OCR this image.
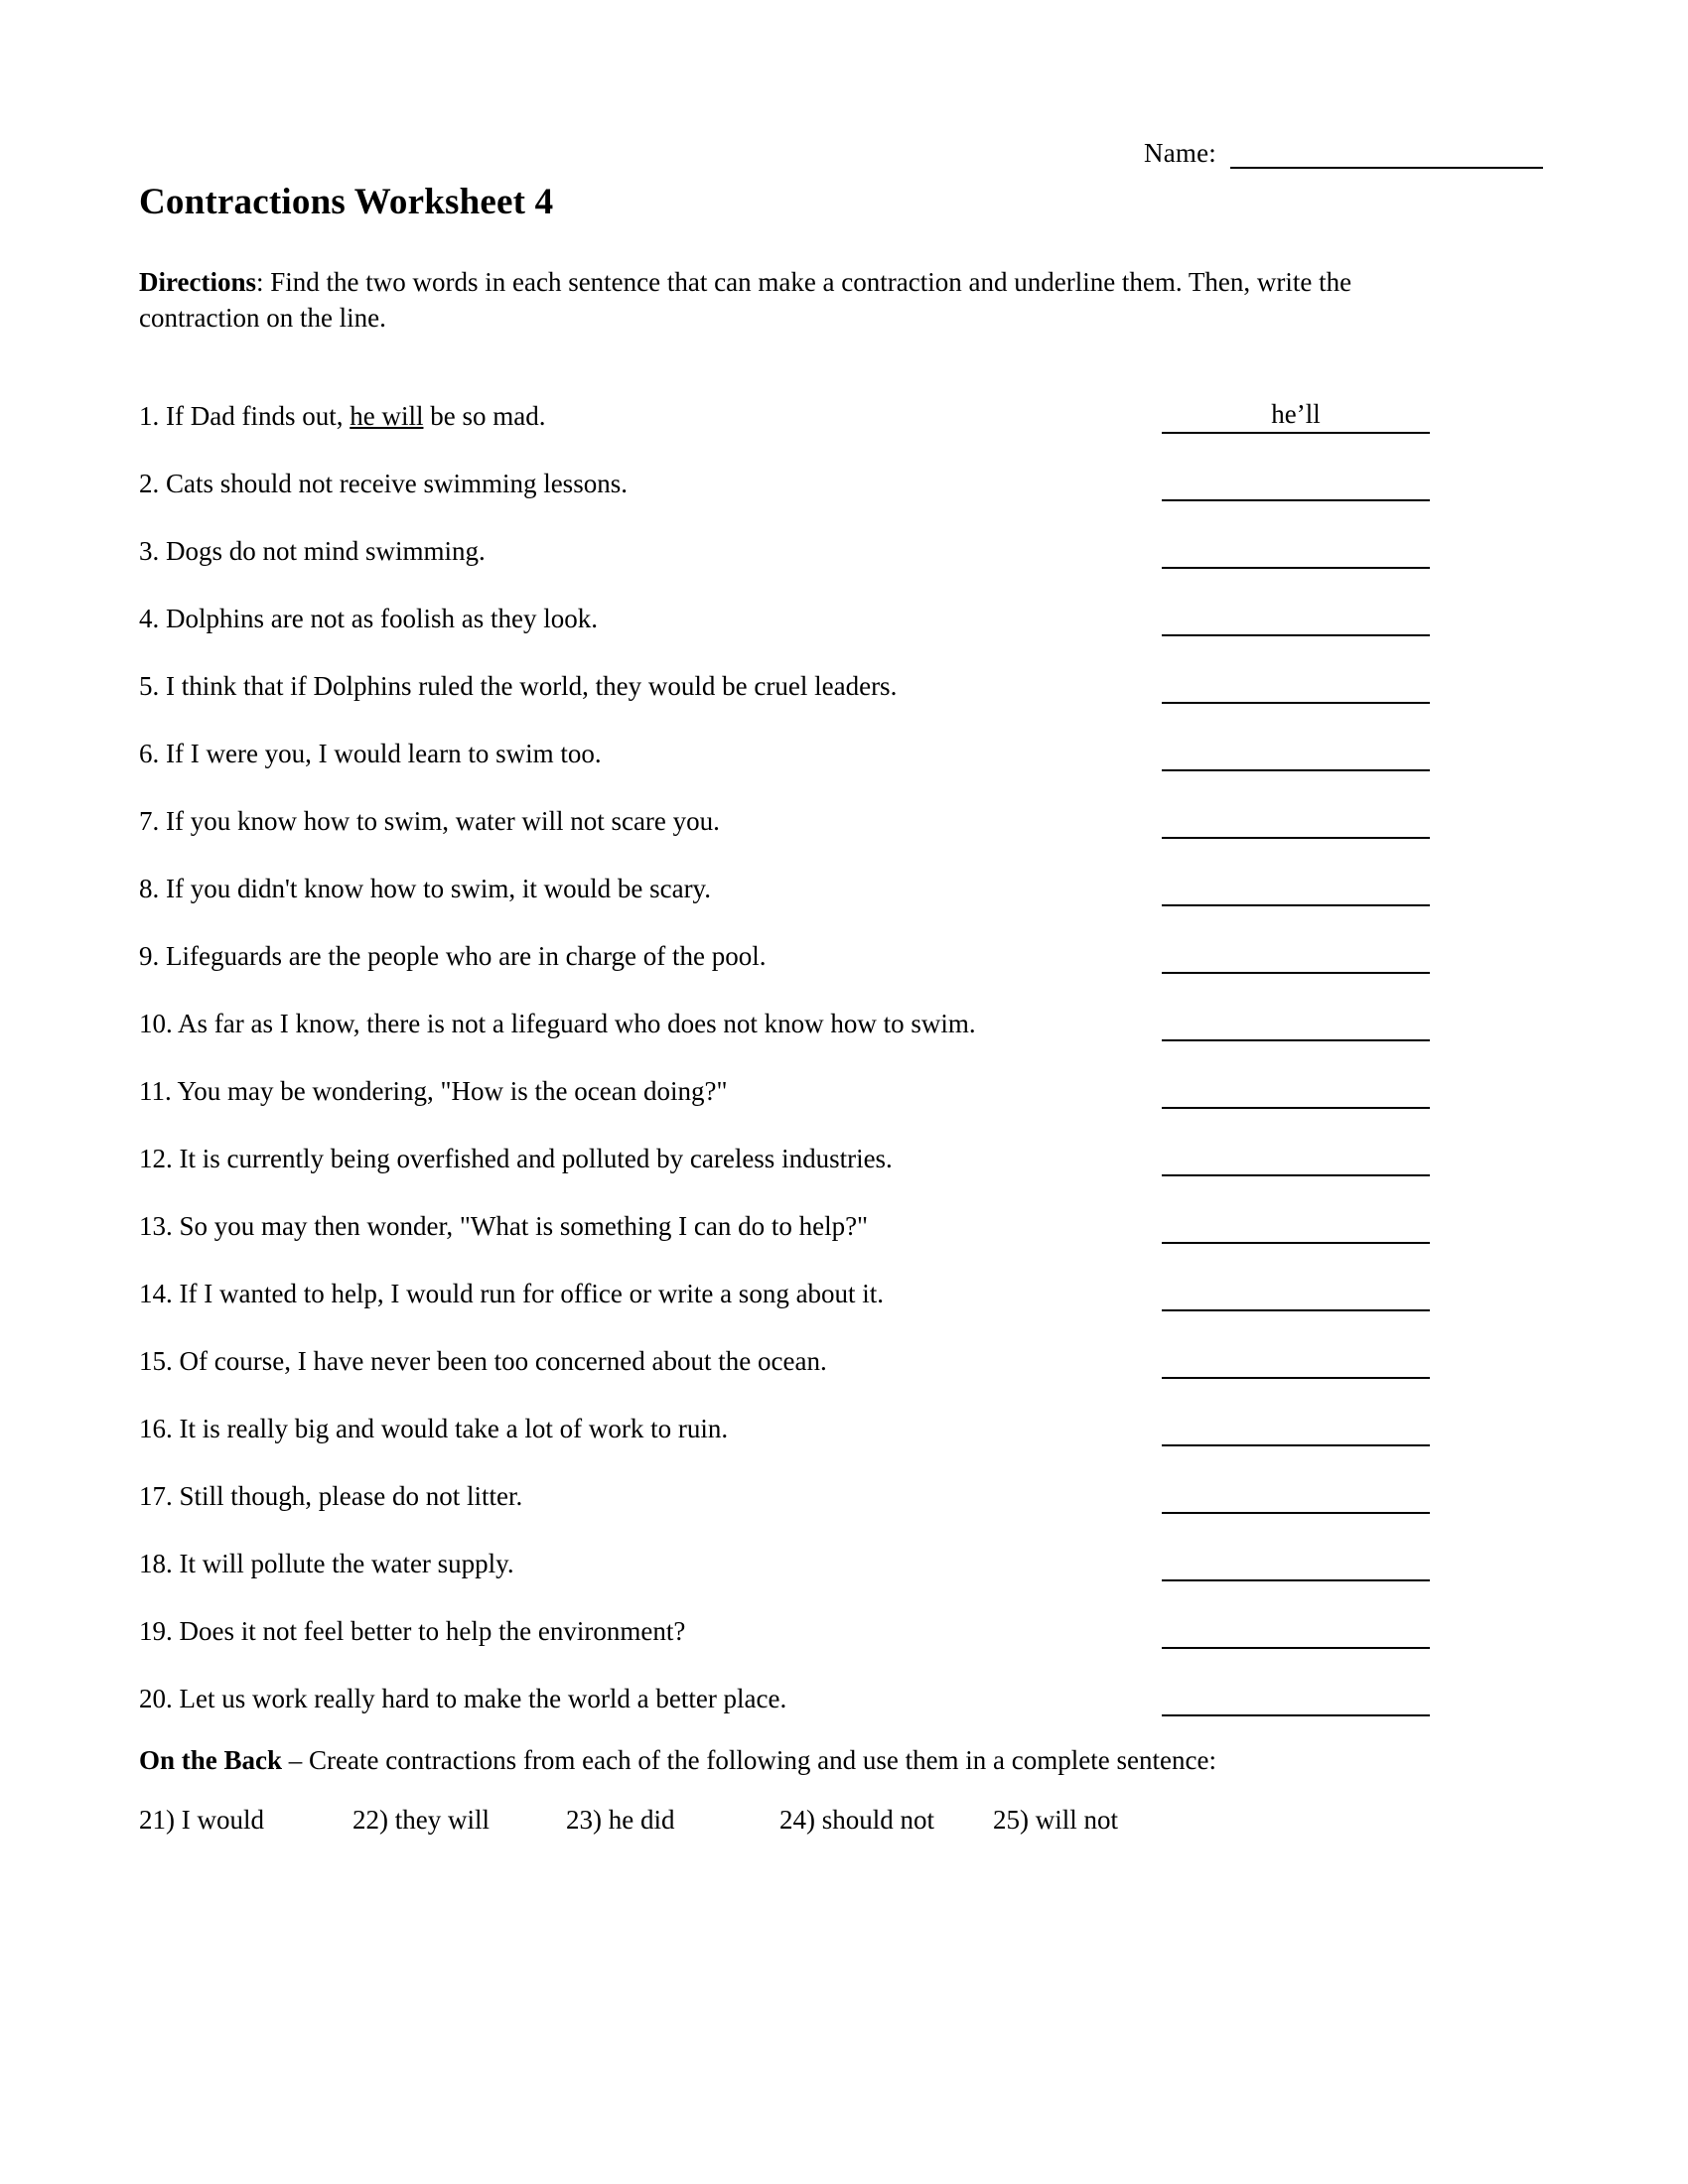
Name:
Contractions Worksheet 4

Directions: Find the two words in each sentence that can make a contraction and underline them. Then, write the contraction on the line.

1. If Dad finds out, he will be so mad.	he’ll
2. Cats should not receive swimming lessons.
3. Dogs do not mind swimming.
4. Dolphins are not as foolish as they look.
5. I think that if Dolphins ruled the world, they would be cruel leaders.
6. If I were you, I would learn to swim too.
7. If you know how to swim, water will not scare you.
8. If you didn't know how to swim, it would be scary.
9. Lifeguards are the people who are in charge of the pool.
10. As far as I know, there is not a lifeguard who does not know how to swim.
11. You may be wondering, "How is the ocean doing?"
12. It is currently being overfished and polluted by careless industries.
13. So you may then wonder, "What is something I can do to help?"
14. If I wanted to help, I would run for office or write a song about it.
15. Of course, I have never been too concerned about the ocean.
16. It is really big and would take a lot of work to ruin.
17. Still though, please do not litter.
18. It will pollute the water supply.
19. Does it not feel better to help the environment?
20. Let us work really hard to make the world a better place.

On the Back – Create contractions from each of the following and use them in a complete sentence:

21) I would	22) they will	23) he did	24) should not	25) will not
